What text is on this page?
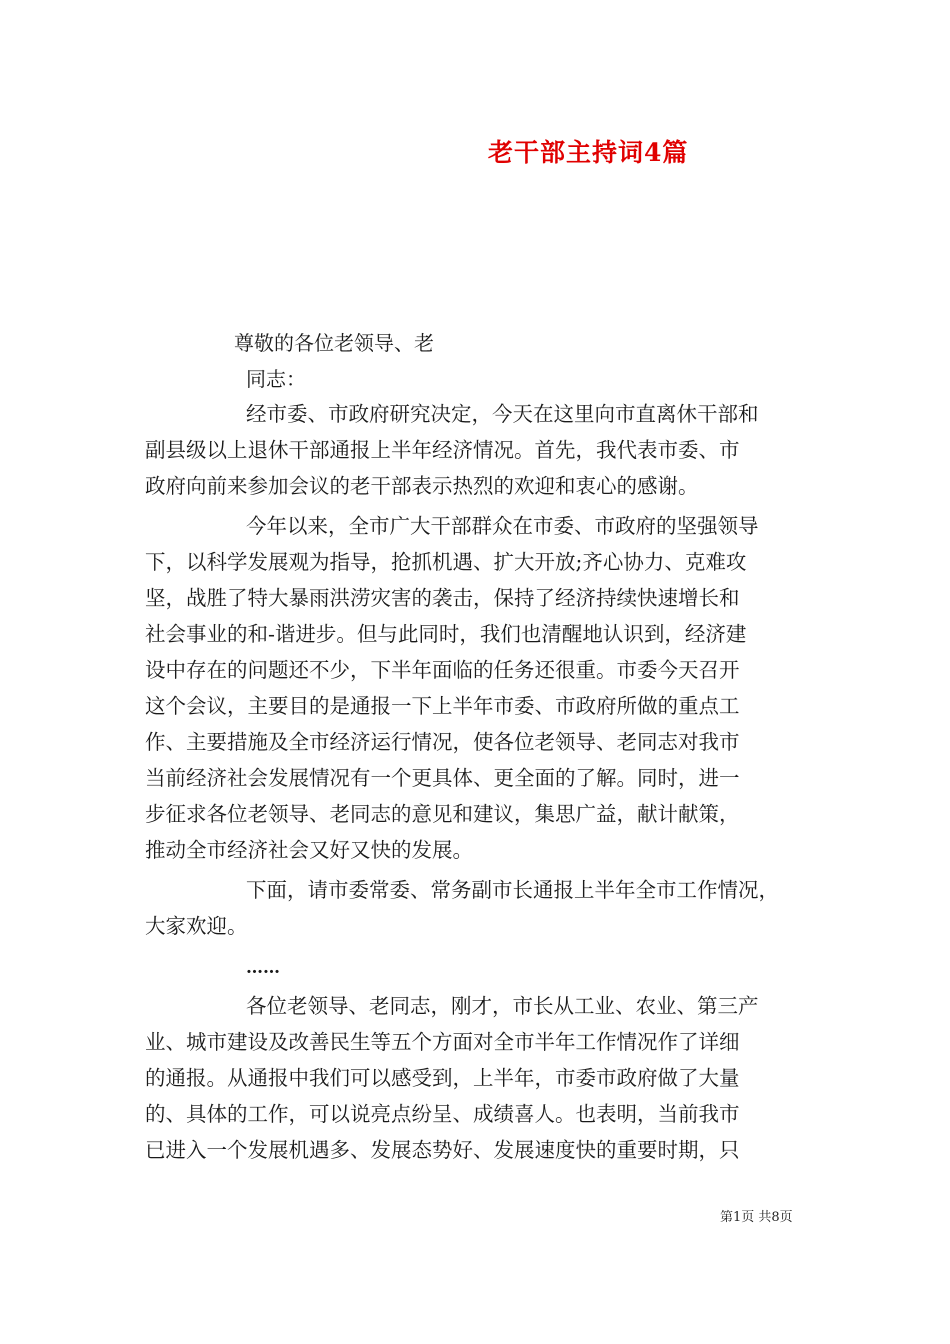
老干部主持词4篇
尊敬的各位老领导、老
同志：
经市委、市政府研究决定，今天在这里向市直离休干部和
副县级以上退休干部通报上半年经济情况。首先，我代表市委、市
政府向前来参加会议的老干部表示热烈的欢迎和衷心的感谢。
今年以来，全市广大干部群众在市委、市政府的坚强领导
下，以科学发展观为指导，抢抓机遇、扩大开放;齐心协力、克难攻
坚，战胜了特大暴雨洪涝灾害的袭击，保持了经济持续快速增长和
社会事业的和-谐进步。但与此同时，我们也清醒地认识到，经济建
设中存在的问题还不少，下半年面临的任务还很重。市委今天召开
这个会议，主要目的是通报一下上半年市委、市政府所做的重点工
作、主要措施及全市经济运行情况，使各位老领导、老同志对我市
当前经济社会发展情况有一个更具体、更全面的了解。同时，进一
步征求各位老领导、老同志的意见和建议，集思广益，献计献策，
推动全市经济社会又好又快的发展。
下面，请市委常委、常务副市长通报上半年全市工作情况，
大家欢迎。
……
各位老领导、老同志，刚才，市长从工业、农业、第三产
业、城市建设及改善民生等五个方面对全市半年工作情况作了详细
的通报。从通报中我们可以感受到，上半年，市委市政府做了大量
的、具体的工作，可以说亮点纷呈、成绩喜人。也表明，当前我市
已进入一个发展机遇多、发展态势好、发展速度快的重要时期，只
第1页 共8页
